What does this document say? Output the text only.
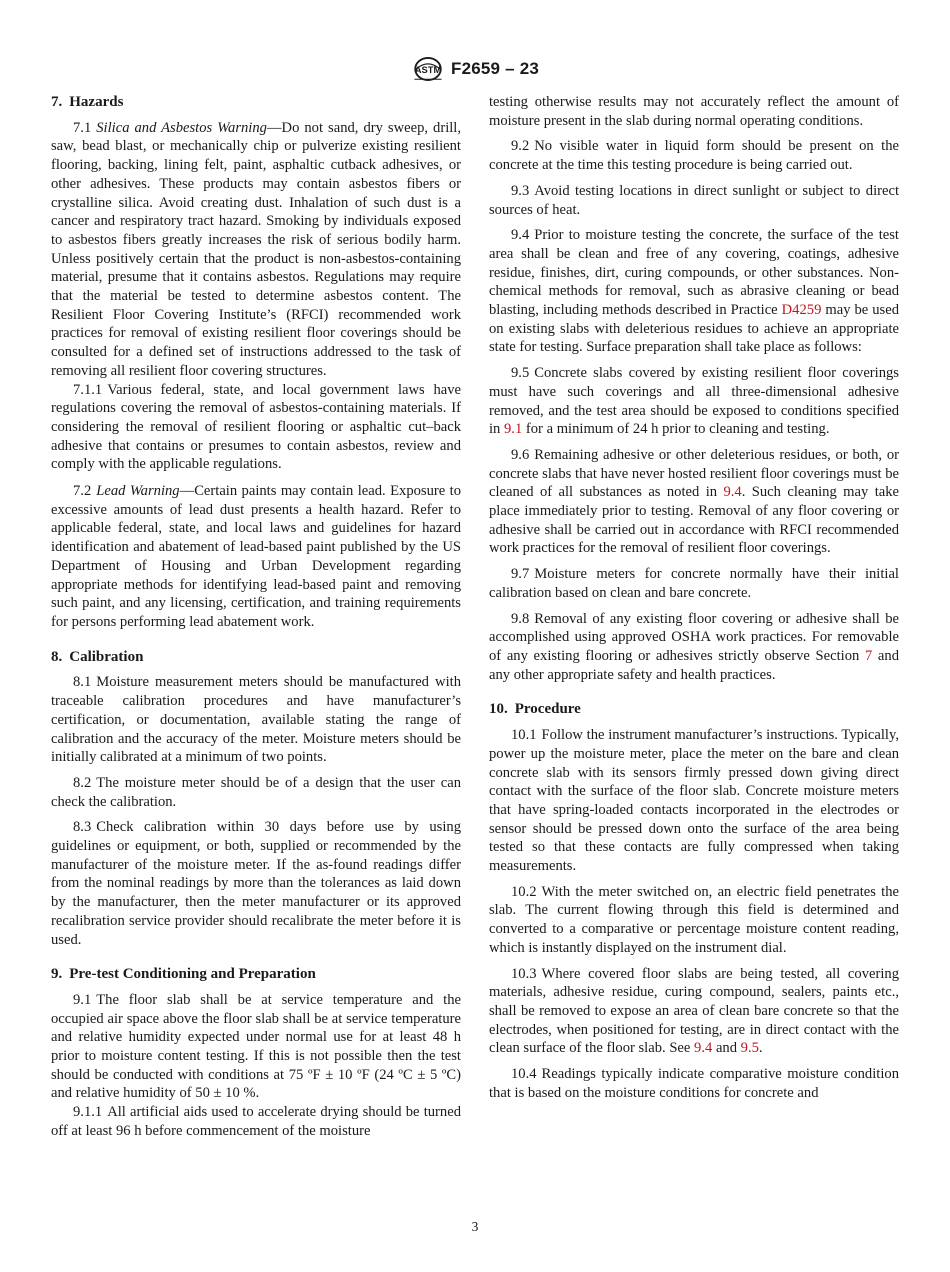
ASTM F2659 – 23
7. Hazards

7.1 Silica and Asbestos Warning—Do not sand, dry sweep, drill, saw, bead blast, or mechanically chip or pulverize existing resilient flooring, backing, lining felt, paint, asphaltic cutback adhesives, or other adhesives. These products may contain asbestos fibers or crystalline silica. Avoid creating dust. Inhalation of such dust is a cancer and respiratory tract hazard. Smoking by individuals exposed to asbestos fibers greatly increases the risk of serious bodily harm. Unless positively certain that the product is non-asbestos-containing material, presume that it contains asbestos. Regulations may require that the material be tested to determine asbestos content. The Resilient Floor Covering Institute’s (RFCI) recommended work practices for removal of existing resilient floor coverings should be consulted for a defined set of instructions addressed to the task of removing all resilient floor covering structures.

7.1.1 Various federal, state, and local government laws have regulations covering the removal of asbestos-containing materials. If considering the removal of resilient flooring or asphaltic cut–back adhesive that contains or presumes to contain asbestos, review and comply with the applicable regulations.

7.2 Lead Warning—Certain paints may contain lead. Exposure to excessive amounts of lead dust presents a health hazard. Refer to applicable federal, state, and local laws and guidelines for hazard identification and abatement of lead-based paint published by the US Department of Housing and Urban Development regarding appropriate methods for identifying lead-based paint and removing such paint, and any licensing, certification, and training requirements for persons performing lead abatement work.

8. Calibration

8.1 Moisture measurement meters should be manufactured with traceable calibration procedures and have manufacturer’s certification, or documentation, available stating the range of calibration and the accuracy of the meter. Moisture meters should be initially calibrated at a minimum of two points.

8.2 The moisture meter should be of a design that the user can check the calibration.

8.3 Check calibration within 30 days before use by using guidelines or equipment, or both, supplied or recommended by the manufacturer of the moisture meter. If the as-found readings differ from the nominal readings by more than the tolerances as laid down by the manufacturer, then the meter manufacturer or its approved recalibration service provider should recalibrate the meter before it is used.

9. Pre-test Conditioning and Preparation

9.1 The floor slab shall be at service temperature and the occupied air space above the floor slab shall be at service temperature and relative humidity expected under normal use for at least 48 h prior to moisture content testing. If this is not possible then the test should be conducted with conditions at 75 ºF ± 10 ºF (24 ºC ± 5 ºC) and relative humidity of 50 ± 10 %.

9.1.1 All artificial aids used to accelerate drying should be turned off at least 96 h before commencement of the moisture

testing otherwise results may not accurately reflect the amount of moisture present in the slab during normal operating conditions.

9.2 No visible water in liquid form should be present on the concrete at the time this testing procedure is being carried out.

9.3 Avoid testing locations in direct sunlight or subject to direct sources of heat.

9.4 Prior to moisture testing the concrete, the surface of the test area shall be clean and free of any covering, coatings, adhesive residue, finishes, dirt, curing compounds, or other substances. Non-chemical methods for removal, such as abrasive cleaning or bead blasting, including methods described in Practice D4259 may be used on existing slabs with deleterious residues to achieve an appropriate state for testing. Surface preparation shall take place as follows:

9.5 Concrete slabs covered by existing resilient floor coverings must have such coverings and all three-dimensional adhesive removed, and the test area should be exposed to conditions specified in 9.1 for a minimum of 24 h prior to cleaning and testing.

9.6 Remaining adhesive or other deleterious residues, or both, or concrete slabs that have never hosted resilient floor coverings must be cleaned of all substances as noted in 9.4. Such cleaning may take place immediately prior to testing. Removal of any floor covering or adhesive shall be carried out in accordance with RFCI recommended work practices for the removal of resilient floor coverings.

9.7 Moisture meters for concrete normally have their initial calibration based on clean and bare concrete.

9.8 Removal of any existing floor covering or adhesive shall be accomplished using approved OSHA work practices. For removable of any existing flooring or adhesives strictly observe Section 7 and any other appropriate safety and health practices.

10. Procedure

10.1 Follow the instrument manufacturer’s instructions. Typically, power up the moisture meter, place the meter on the bare and clean concrete slab with its sensors firmly pressed down giving direct contact with the surface of the floor slab. Concrete moisture meters that have spring-loaded contacts incorporated in the electrodes or sensor should be pressed down onto the surface of the area being tested so that these contacts are fully compressed when taking measurements.

10.2 With the meter switched on, an electric field penetrates the slab. The current flowing through this field is determined and converted to a comparative or percentage moisture content reading, which is instantly displayed on the instrument dial.

10.3 Where covered floor slabs are being tested, all covering materials, adhesive residue, curing compound, sealers, paints etc., shall be removed to expose an area of clean bare concrete so that the electrodes, when positioned for testing, are in direct contact with the clean surface of the floor slab. See 9.4 and 9.5.

10.4 Readings typically indicate comparative moisture condition that is based on the moisture conditions for concrete and

3
